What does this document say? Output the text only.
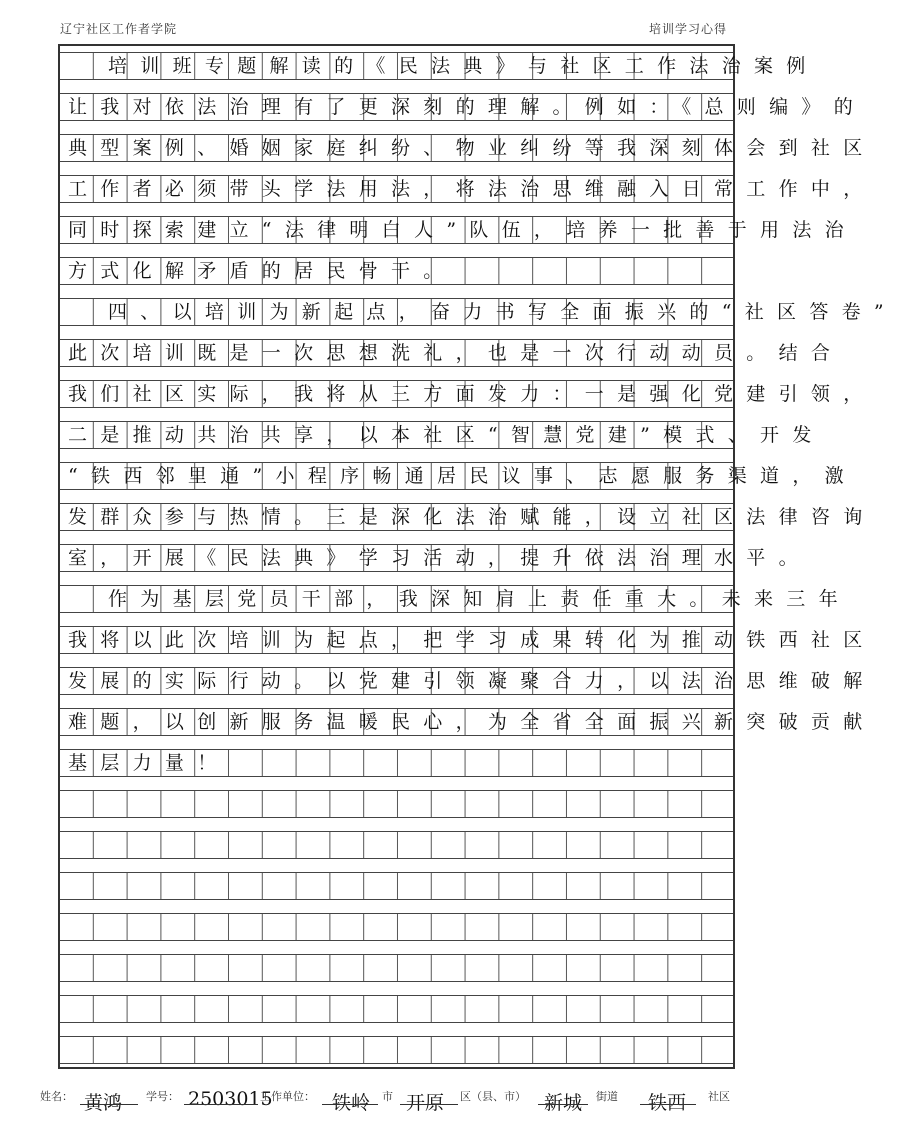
辽宁社区工作者学院	培训学习心得
培训班专题解读的《民法典》与社区工作法治案例
让我对依法治理有了更深刻的理解。例如：《总则编》的
典型案例、婚姻家庭纠纷、物业纠纷等我深刻体会到社区
工作者必须带头学法用法，将法治思维融入日常工作中，
同时探索建立“法律明白人”队伍，培养一批善于用法治
方式化解矛盾的居民骨干。
四、以培训为新起点，奋力书写全面振兴的“社区答卷”
此次培训既是一次思想洗礼，也是一次行动动员。结合
我们社区实际，我将从三方面发力：一是强化党建引领，
二是推动共治共享，以本社区“智慧党建”模式、开发
“铁西邻里通”小程序畅通居民议事、志愿服务渠道，激
发群众参与热情。三是深化法治赋能，设立社区法律咨询
室，开展《民法典》学习活动，提升依法治理水平。
作为基层党员干部，我深知肩上责任重大。未来三年
我将以此次培训为起点，把学习成果转化为推动铁西社区
发展的实际行动。以党建引领凝聚合力，以法治思维破解
难题，以创新服务温暖民心，为全省全面振兴新突破贡献
基层力量！
姓名： 黄鸿 学号： 2503015
工作单位： 铁岭 市 开原 区（县、市） 新城 街道 铁西 社区
